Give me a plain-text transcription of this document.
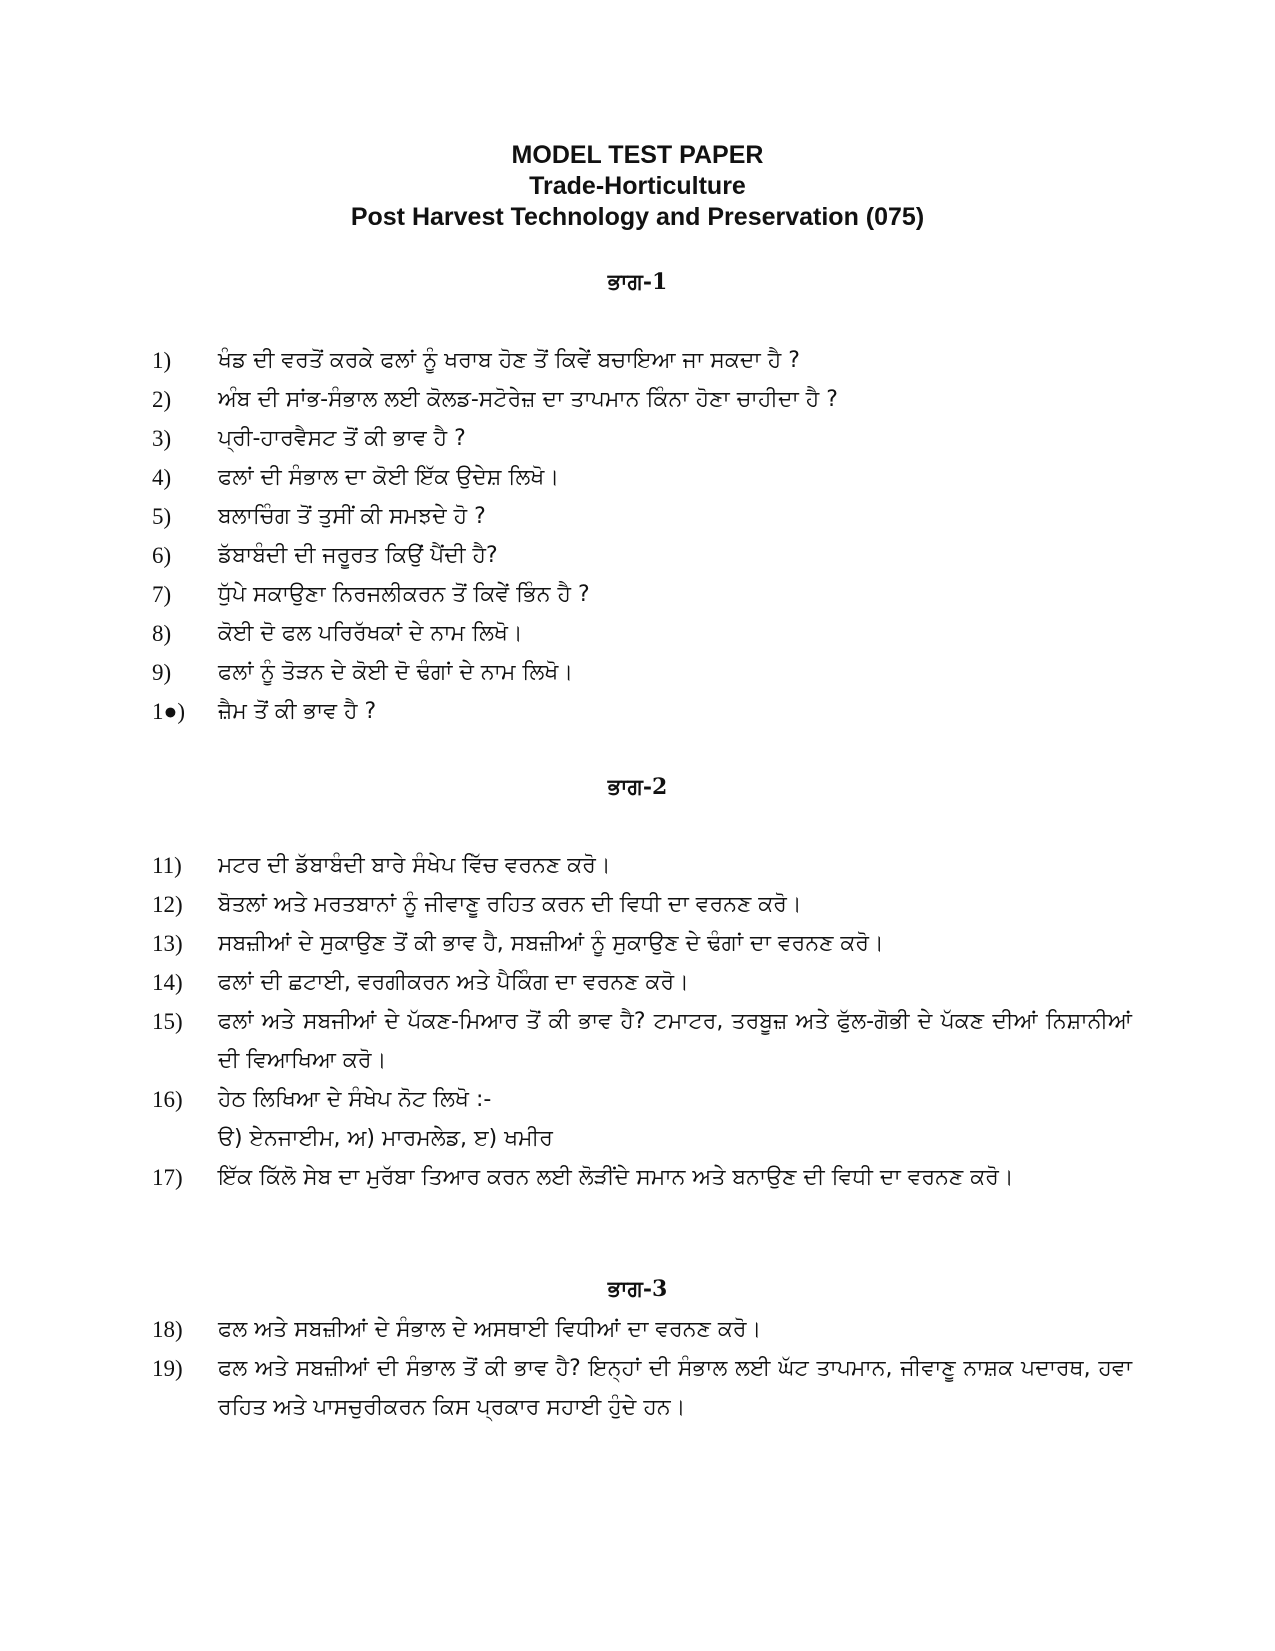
MODEL TEST PAPER
Trade-Horticulture
Post Harvest Technology and Preservation (075)
ਭਾਗ-1
1)	ਖੰਡ ਦੀ ਵਰਤੋਂ ਕਰਕੇ ਫਲਾਂ ਨੂੰ ਖਰਾਬ ਹੋਣ ਤੋਂ ਕਿਵੇਂ ਬਚਾਇਆ ਜਾ ਸਕਦਾ ਹੈ ?
2)	ਅੰਬ ਦੀ ਸਾਂਭ-ਸੰਭਾਲ ਲਈ ਕੋਲਡ-ਸਟੋਰੇਜ਼ ਦਾ ਤਾਪਮਾਨ ਕਿੰਨਾ ਹੋਣਾ ਚਾਹੀਦਾ ਹੈ ?
3)	ਪ੍ਰੀ-ਹਾਰਵੈਸਟ ਤੋਂ ਕੀ ਭਾਵ ਹੈ ?
4)	ਫਲਾਂ ਦੀ ਸੰਭਾਲ ਦਾ ਕੋਈ ਇੱਕ ਉਦੇਸ਼ ਲਿਖੋ।
5)	ਬਲਾਚਿੰਗ ਤੋਂ ਤੁਸੀਂ ਕੀ ਸਮਝਦੇ ਹੋ ?
6)	ਡੱਬਾਬੰਦੀ ਦੀ ਜਰੂਰਤ ਕਿਉਂ ਪੈਂਦੀ ਹੈ?
7)	ਧੁੱਪੇ ਸਕਾਉਣਾ ਨਿਰਜਲੀਕਰਨ ਤੋਂ ਕਿਵੇਂ ਭਿੰਨ ਹੈ ?
8)	ਕੋਈ ਦੋ ਫਲ ਪਰਿਰੱਖਕਾਂ ਦੇ ਨਾਮ ਲਿਖੋ।
9)	ਫਲਾਂ ਨੂੰ ਤੋੜਨ ਦੇ ਕੋਈ ਦੋ ਢੰਗਾਂ ਦੇ ਨਾਮ ਲਿਖੋ।
1●)	ਜ਼ੈਮ ਤੋਂ ਕੀ ਭਾਵ ਹੈ ?
ਭਾਗ-2
11)	ਮਟਰ ਦੀ ਡੱਬਾਬੰਦੀ ਬਾਰੇ ਸੰਖੇਪ ਵਿੱਚ ਵਰਨਣ ਕਰੋ।
12)	ਬੋਤਲਾਂ ਅਤੇ ਮਰਤਬਾਨਾਂ ਨੂੰ ਜੀਵਾਣੂ ਰਹਿਤ ਕਰਨ ਦੀ ਵਿਧੀ ਦਾ ਵਰਨਣ ਕਰੋ।
13)	ਸਬਜ਼ੀਆਂ ਦੇ ਸੁਕਾਉਣ ਤੋਂ ਕੀ ਭਾਵ ਹੈ, ਸਬਜ਼ੀਆਂ ਨੂੰ ਸੁਕਾਉਣ ਦੇ ਢੰਗਾਂ ਦਾ ਵਰਨਣ ਕਰੋ।
14)	ਫਲਾਂ ਦੀ ਛਟਾਈ, ਵਰਗੀਕਰਨ ਅਤੇ ਪੈਕਿੰਗ ਦਾ ਵਰਨਣ ਕਰੋ।
15)	ਫਲਾਂ ਅਤੇ ਸਬਜੀਆਂ ਦੇ ਪੱਕਣ-ਮਿਆਰ ਤੋਂ ਕੀ ਭਾਵ ਹੈ? ਟਮਾਟਰ, ਤਰਬੂਜ਼ ਅਤੇ ਫੁੱਲ-ਗੋਭੀ ਦੇ ਪੱਕਣ ਦੀਆਂ ਨਿਸ਼ਾਨੀਆਂ ਦੀ ਵਿਆਖਿਆ ਕਰੋ।
16)	ਹੇਠ ਲਿਖਿਆ ਦੇ ਸੰਖੇਪ ਨੋਟ ਲਿਖੋ :-
ੳ) ਏਨਜਾਈਮ, ਅ) ਮਾਰਮਲੇਡ, ੲ) ਖਮੀਰ
17)	ਇੱਕ ਕਿੱਲੋ ਸੇਬ ਦਾ ਮੁਰੱਬਾ ਤਿਆਰ ਕਰਨ ਲਈ ਲੋੜੀਂਦੇ ਸਮਾਨ ਅਤੇ ਬਨਾਉਣ ਦੀ ਵਿਧੀ ਦਾ ਵਰਨਣ ਕਰੋ।
ਭਾਗ-3
18)	ਫਲ ਅਤੇ ਸਬਜ਼ੀਆਂ ਦੇ ਸੰਭਾਲ ਦੇ ਅਸਥਾਈ ਵਿਧੀਆਂ ਦਾ ਵਰਨਣ ਕਰੋ।
19)	ਫਲ ਅਤੇ ਸਬਜ਼ੀਆਂ ਦੀ ਸੰਭਾਲ ਤੋਂ ਕੀ ਭਾਵ ਹੈ? ਇਨ੍ਹਾਂ ਦੀ ਸੰਭਾਲ ਲਈ ਘੱਟ ਤਾਪਮਾਨ, ਜੀਵਾਣੂ ਨਾਸ਼ਕ ਪਦਾਰਥ, ਹਵਾ ਰਹਿਤ ਅਤੇ ਪਾਸਚੁਰੀਕਰਨ ਕਿਸ ਪ੍ਰਕਾਰ ਸਹਾਈ ਹੁੰਦੇ ਹਨ।
